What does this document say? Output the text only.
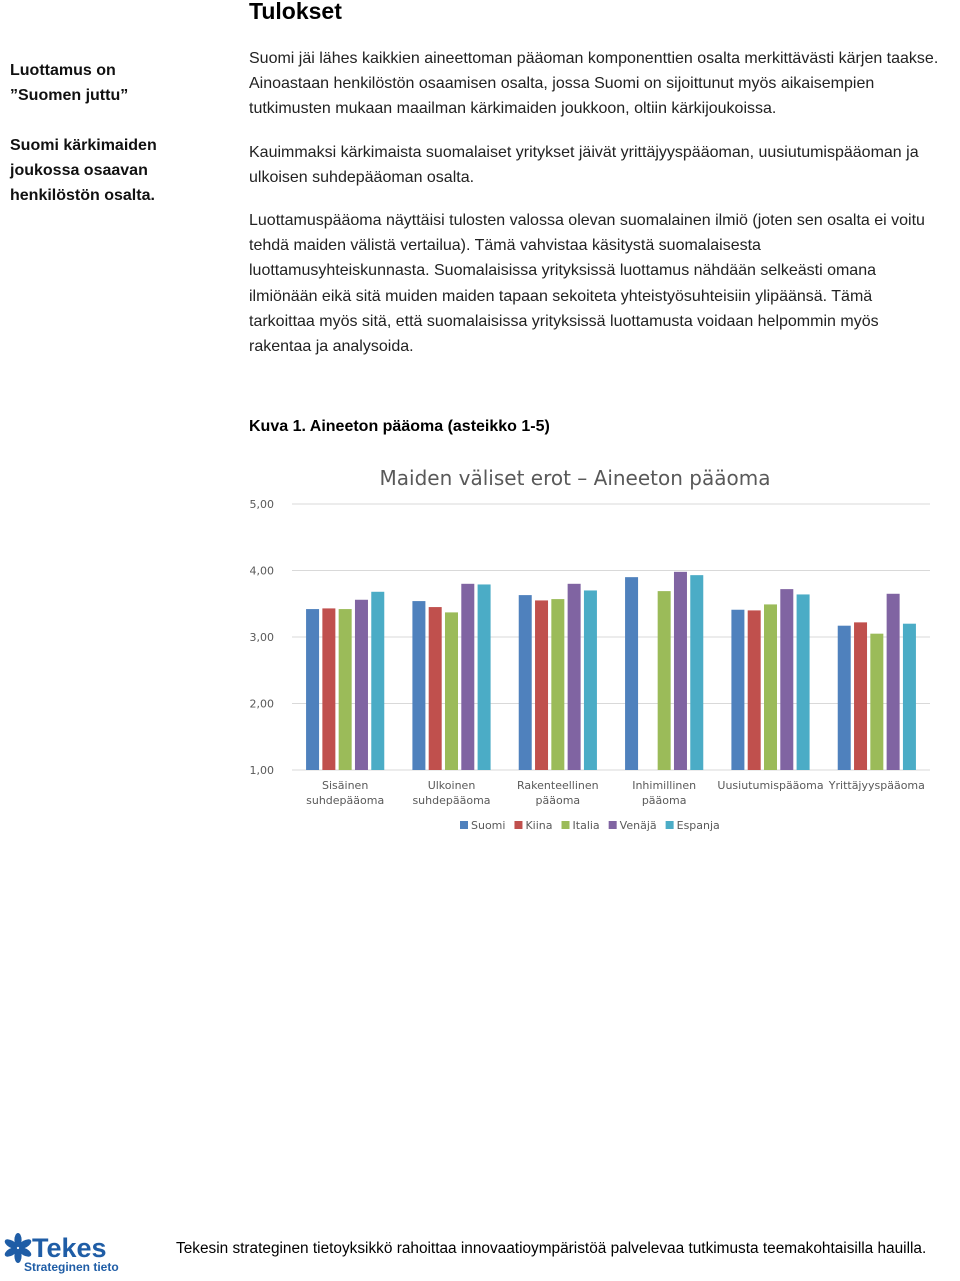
Tulokset

Luottamus on ”Suomen juttu”

Suomi kärkimaiden joukossa osaavan henkilöstön osalta.

Suomi jäi lähes kaikkien aineettoman pääoman komponenttien osalta merkittävästi kärjen taakse. Ainoastaan henkilöstön osaamisen osalta, jossa Suomi on sijoittunut myös aikaisempien tutkimusten mukaan maailman kärkimaiden joukkoon, oltiin kärkijoukoissa.

Kauimmaksi kärkimaista suomalaiset yritykset jäivät yrittäjyyspääoman, uusiutumispääoman ja ulkoisen suhdepääoman osalta.

Luottamuspääoma näyttäisi tulosten valossa olevan suomalainen ilmiö (joten sen osalta ei voitu tehdä maiden välistä vertailua). Tämä vahvistaa käsitystä suomalaisesta luottamusyhteiskunnasta. Suomalaisissa yrityksissä luottamus nähdään selkeästi omana ilmiönään eikä sitä muiden maiden tapaan sekoiteta yhteistyösuhteisiin ylipäänsä. Tämä tarkoittaa myös sitä, että suomalaisissa yrityksissä luottamusta voidaan helpommin myös rakentaa ja analysoida.

Kuva 1. Aineeton pääoma (asteikko 1-5)
Maiden väliset erot – Aineeton pääoma
1,00
2,00
3,00
4,00
5,00
Sisäinen
suhdepääoma
Ulkoinen
suhdepääoma
Rakenteellinen
pääoma
Inhimillinen
pääoma
Uusiutumispääoma Yrittäjyyspääoma
Suomi Kiina Italia Venäjä Espanja
Tekes
Strateginen tieto
Tekesin strateginen tietoyksikkö rahoittaa innovaatioympäristöä palvelevaa tutkimusta teemakohtaisilla hauilla.
